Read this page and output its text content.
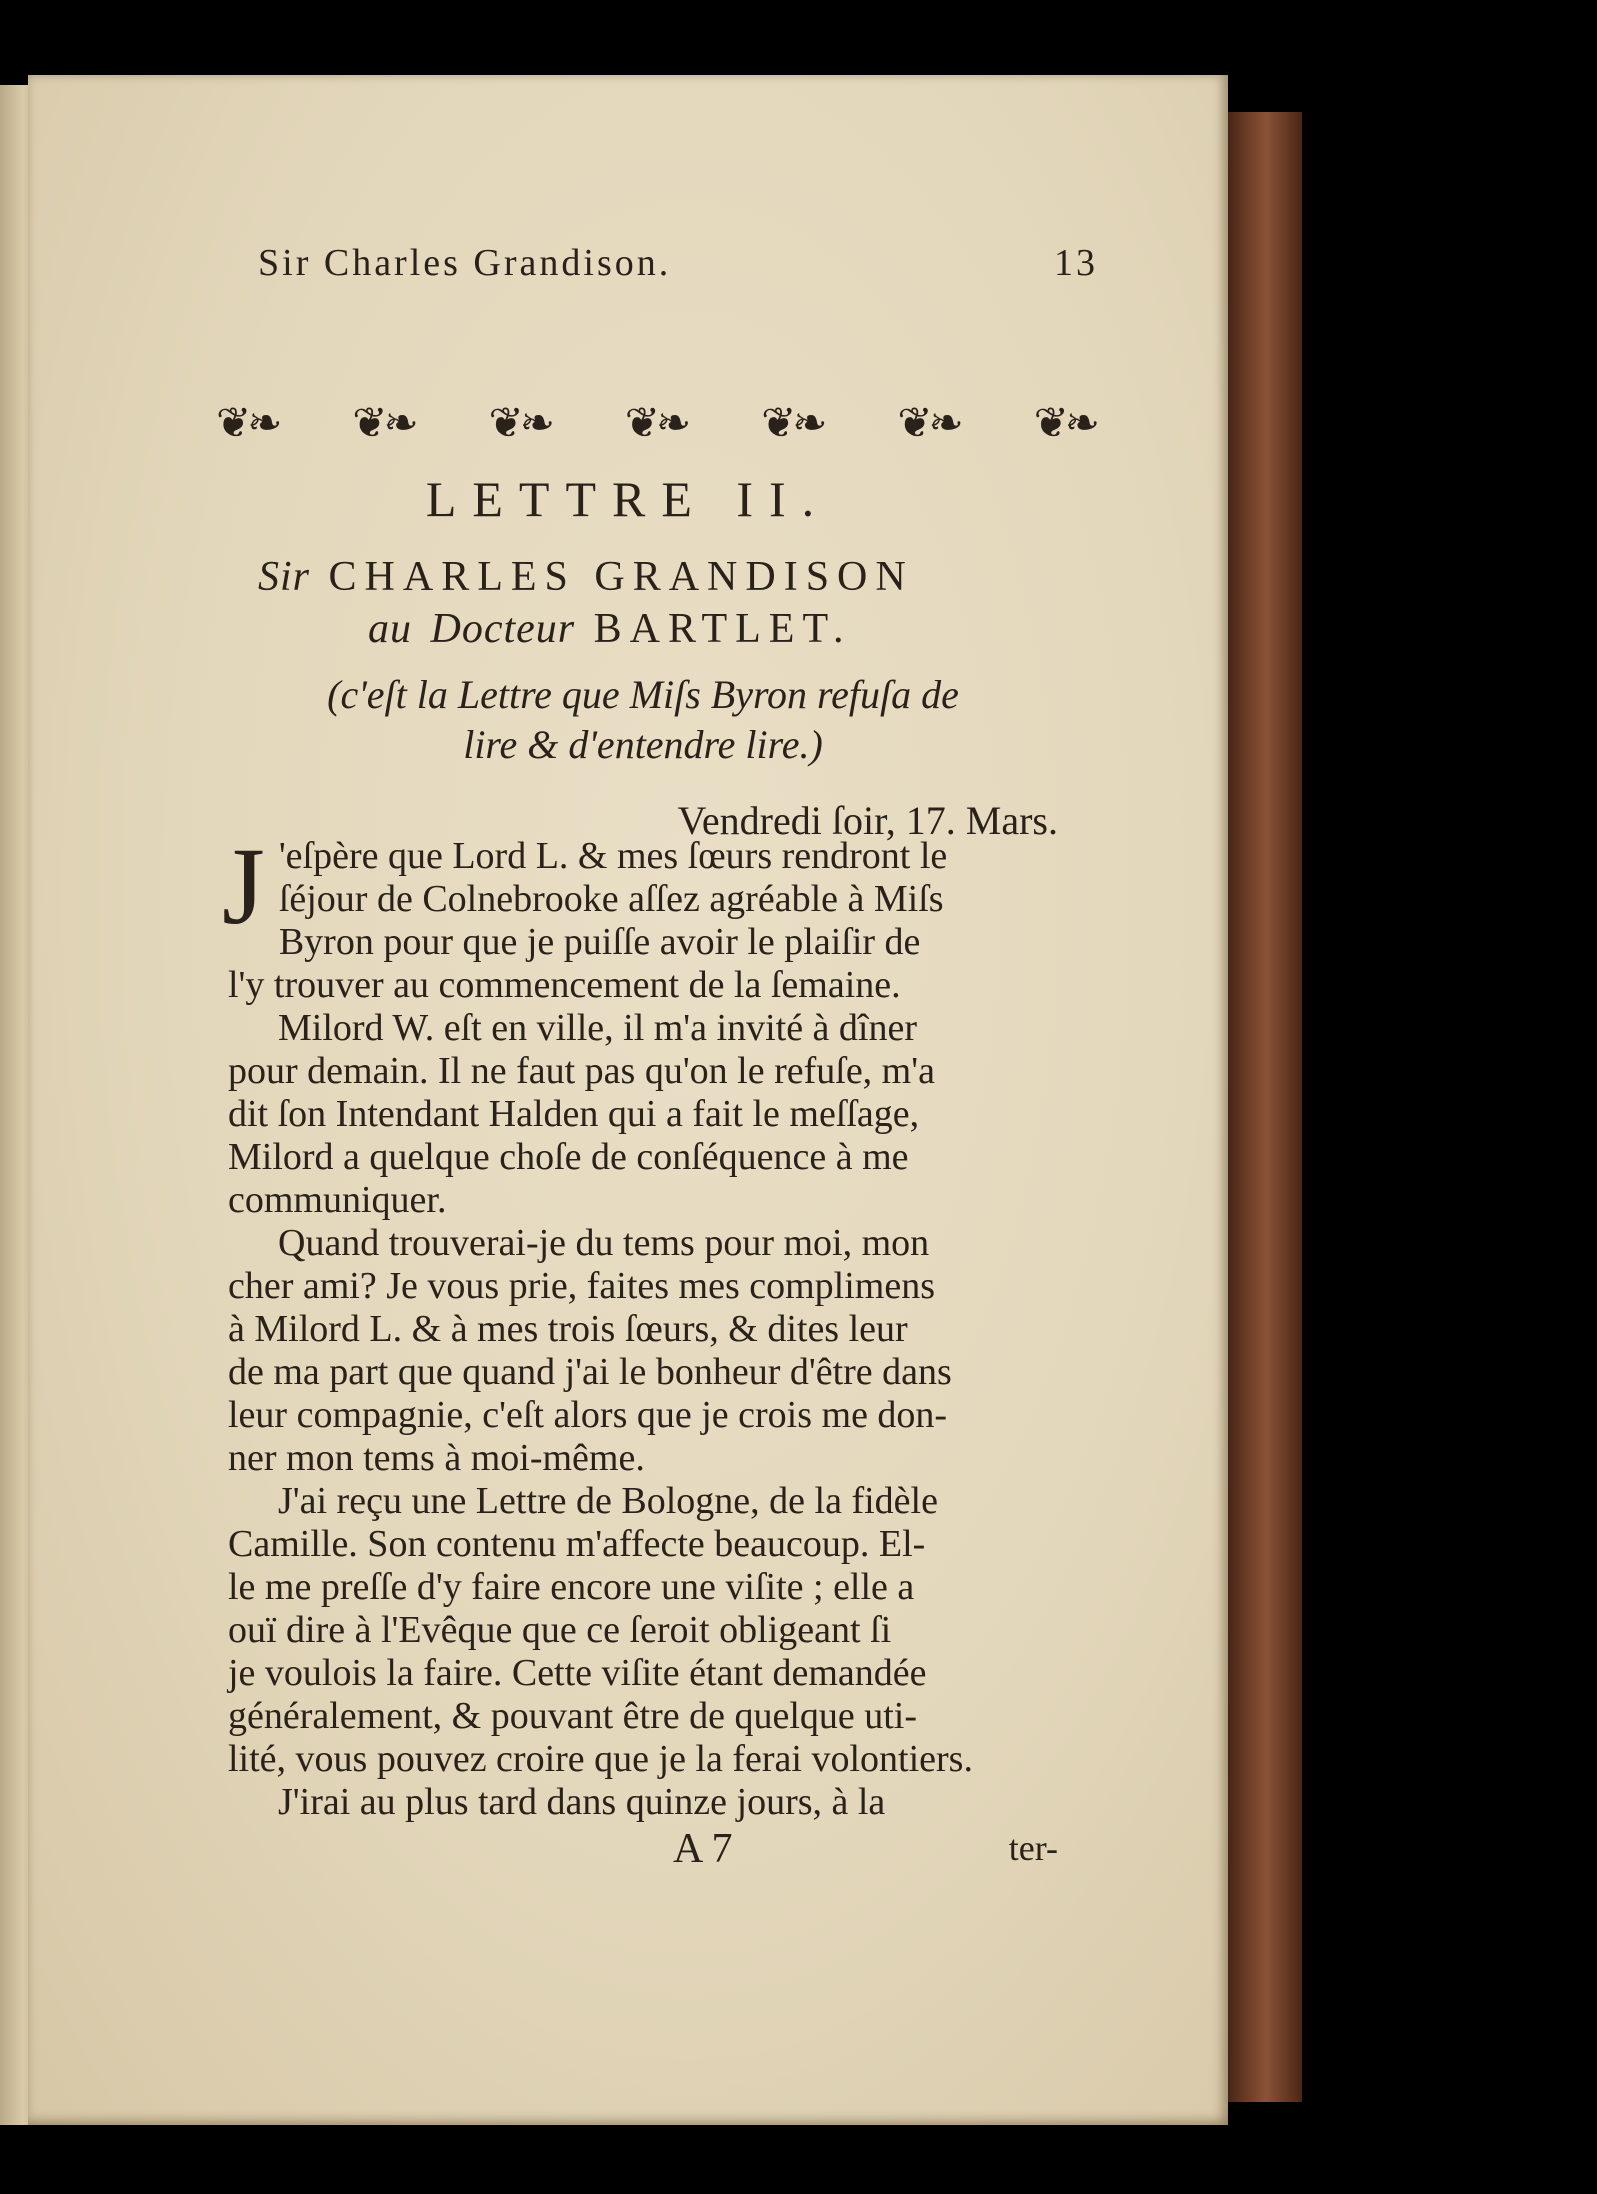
Sir Charles Grandison.	13
❦❧ ❦❧ ❦❧ ❦❧ ❦❧ ❦❧ ❦❧
LETTRE II.
Sir CHARLES GRANDISON
au Docteur BARTLET.
(c'eſt la Lettre que Miſs Byron refuſa de
lire & d'entendre lire.)
Vendredi ſoir, 17. Mars.
J 'eſpère que Lord L. & mes ſœurs rendront le
ſéjour de Colnebrooke aſſez agréable à Miſs
Byron pour que je puiſſe avoir le plaiſir de
l'y trouver au commencement de la ſemaine.
Milord W. eſt en ville, il m'a invité à dîner
pour demain. Il ne faut pas qu'on le refuſe, m'a
dit ſon Intendant Halden qui a fait le meſſage,
Milord a quelque choſe de conſéquence à me
communiquer.
Quand trouverai-je du tems pour moi, mon
cher ami? Je vous prie, faites mes complimens
à Milord L. & à mes trois ſœurs, & dites leur
de ma part que quand j'ai le bonheur d'être dans
leur compagnie, c'eſt alors que je crois me don-
ner mon tems à moi-même.
J'ai reçu une Lettre de Bologne, de la fidèle
Camille. Son contenu m'affecte beaucoup. El-
le me preſſe d'y faire encore une viſite ; elle a
ouï dire à l'Evêque que ce ſeroit obligeant ſi
je voulois la faire. Cette viſite étant demandée
généralement, & pouvant être de quelque uti-
lité, vous pouvez croire que je la ferai volontiers.
J'irai au plus tard dans quinze jours, à la
A 7	ter-
